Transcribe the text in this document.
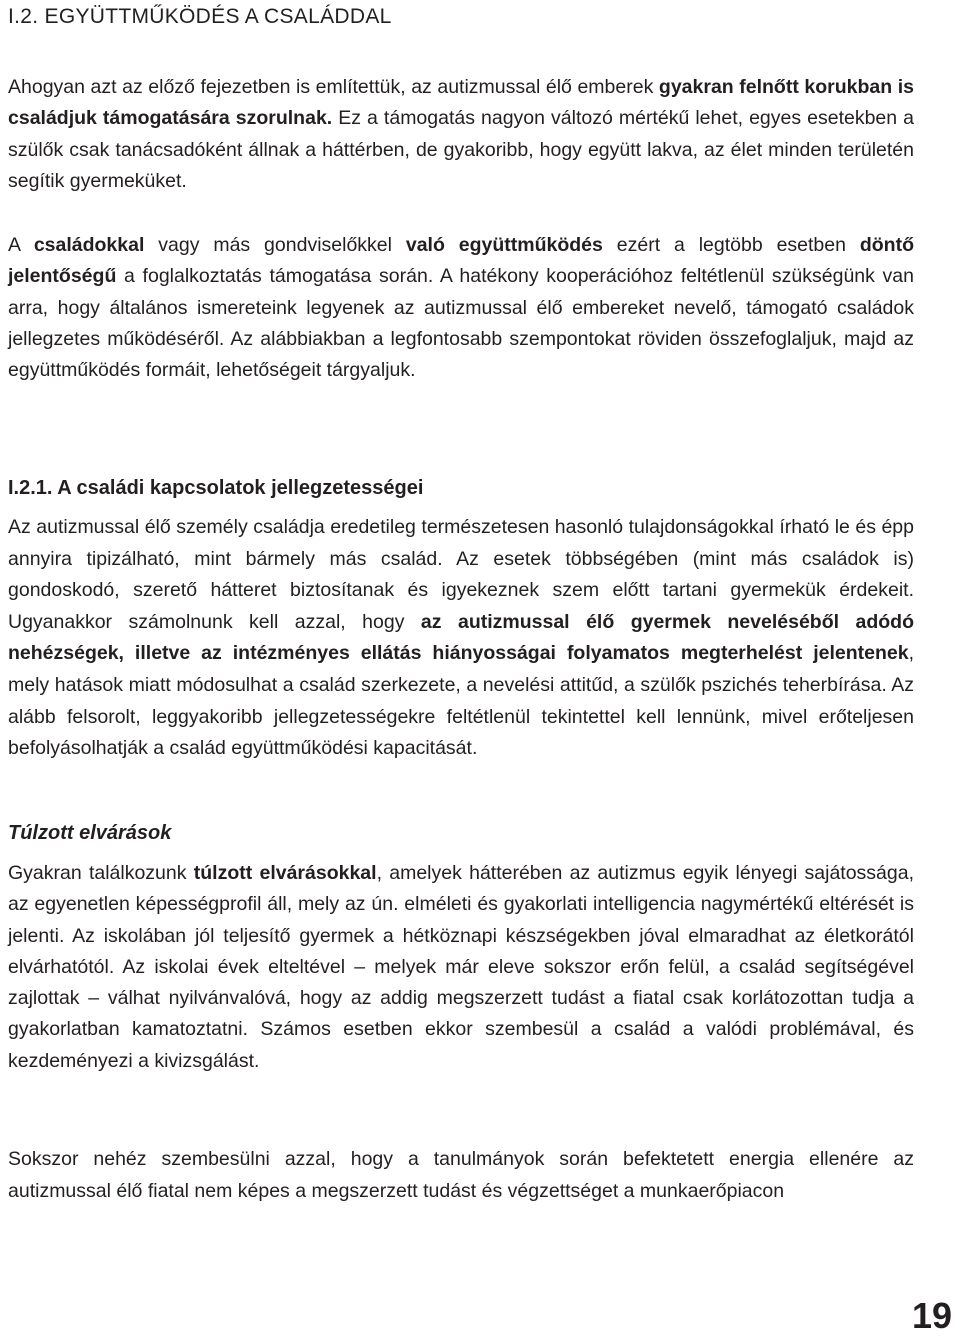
I.2. EGYÜTTMŰKÖDÉS A CSALÁDDAL

Ahogyan azt az előző fejezetben is említettük, az autizmussal élő emberek gyakran felnőtt korukban is családjuk támogatására szorulnak. Ez a támogatás nagyon változó mértékű lehet, egyes esetekben a szülők csak tanácsadóként állnak a háttérben, de gyakoribb, hogy együtt lakva, az élet minden területén segítik gyermeküket.

A családokkal vagy más gondviselőkkel való együttműködés ezért a legtöbb esetben döntő jelentőségű a foglalkoztatás támogatása során. A hatékony kooperációhoz feltétlenül szükségünk van arra, hogy általános ismereteink legyenek az autizmussal élő embereket nevelő, támogató családok jellegzetes működéséről. Az alábbiakban a legfontosabb szempontokat röviden összefoglaljuk, majd az együttműködés formáit, lehetőségeit tárgyaljuk.

I.2.1. A családi kapcsolatok jellegzetességei

Az autizmussal élő személy családja eredetileg természetesen hasonló tulajdonságokkal írható le és épp annyira tipizálható, mint bármely más család. Az esetek többségében (mint más családok is) gondoskodó, szerető hátteret biztosítanak és igyekeznek szem előtt tartani gyermekük érdekeit. Ugyanakkor számolnunk kell azzal, hogy az autizmussal élő gyermek neveléséből adódó nehézségek, illetve az intézményes ellátás hiányosságai folyamatos megterhelést jelentenek, mely hatások miatt módosulhat a család szerkezete, a nevelési attitűd, a szülők pszichés teherbírása. Az alább felsorolt, leggyakoribb jellegzetességekre feltétlenül tekintettel kell lennünk, mivel erőteljesen befolyásolhatják a család együttműködési kapacitását.

Túlzott elvárások

Gyakran találkozunk túlzott elvárásokkal, amelyek hátterében az autizmus egyik lényegi sajátossága, az egyenetlen képességprofil áll, mely az ún. elméleti és gyakorlati intelligencia nagymértékű eltérését is jelenti. Az iskolában jól teljesítő gyermek a hétköznapi készségekben jóval elmaradhat az életkorától elvárhatótól. Az iskolai évek elteltével – melyek már eleve sokszor erőn felül, a család segítségével zajlottak – válhat nyilvánvalóvá, hogy az addig megszerzett tudást a fiatal csak korlátozottan tudja a gyakorlatban kamatoztatni. Számos esetben ekkor szembesül a család a valódi problémával, és kezdeményezi a kivizsgálást.

Sokszor nehéz szembesülni azzal, hogy a tanulmányok során befektetett energia ellenére az autizmussal élő fiatal nem képes a megszerzett tudást és végzettséget a munkaerőpiacon

19
